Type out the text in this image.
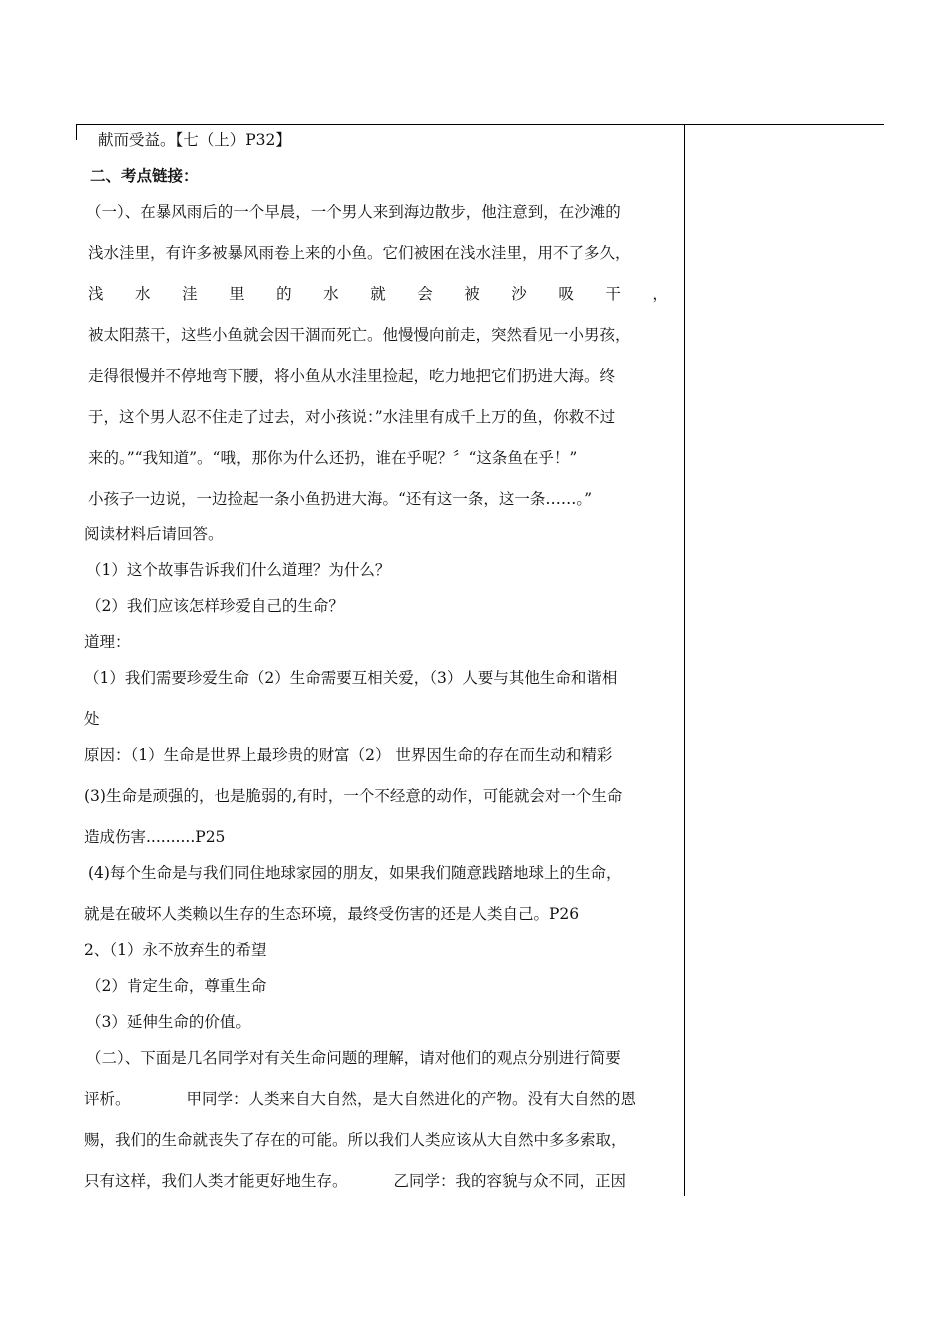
献而受益。【七（上）P32】
二、考点链接：
（一）、在暴风雨后的一个早晨，一个男人来到海边散步，他注意到，在沙滩的
浅水洼里，有许多被暴风雨卷上来的小鱼。它们被困在浅水洼里，用不了多久，
浅 水 洼 里 的 水 就 会 被 沙 吸 干 ，
被太阳蒸干，这些小鱼就会因干涸而死亡。他慢慢向前走，突然看见一小男孩，
走得很慢并不停地弯下腰，将小鱼从水洼里捡起，吃力地把它们扔进大海。终
于，这个男人忍不住走了过去，对小孩说：”水洼里有成千上万的鱼，你救不过
来的。”“我知道”。“哦，那你为什么还扔，谁在乎呢？〞“这条鱼在乎！”
小孩子一边说，一边捡起一条小鱼扔进大海。“还有这一条，这一条……。”
阅读材料后请回答。
（1）这个故事告诉我们什么道理？为什么？
（2）我们应该怎样珍爱自己的生命？
道理：
（1）我们需要珍爱生命（2）生命需要互相关爱，（3）人要与其他生命和谐相
处
原因：（1）生命是世界上最珍贵的财富（2） 世界因生命的存在而生动和精彩
(3)生命是顽强的，也是脆弱的,有时，一个不经意的动作，可能就会对一个生命
造成伤害..........P25
(4)每个生命是与我们同住地球家园的朋友，如果我们随意践踏地球上的生命，
就是在破坏人类赖以生存的生态环境，最终受伤害的还是人类自己。P26
2、（1）永不放弃生的希望
（2）肯定生命，尊重生命
（3）延伸生命的价值。
（二）、下面是几名同学对有关生命问题的理解，请对他们的观点分别进行简要
评析。	甲同学：人类来自大自然，是大自然进化的产物。没有大自然的恩
赐，我们的生命就丧失了存在的可能。所以我们人类应该从大自然中多多索取，
只有这样，我们人类才能更好地生存。	乙同学：我的容貌与众不同，正因
